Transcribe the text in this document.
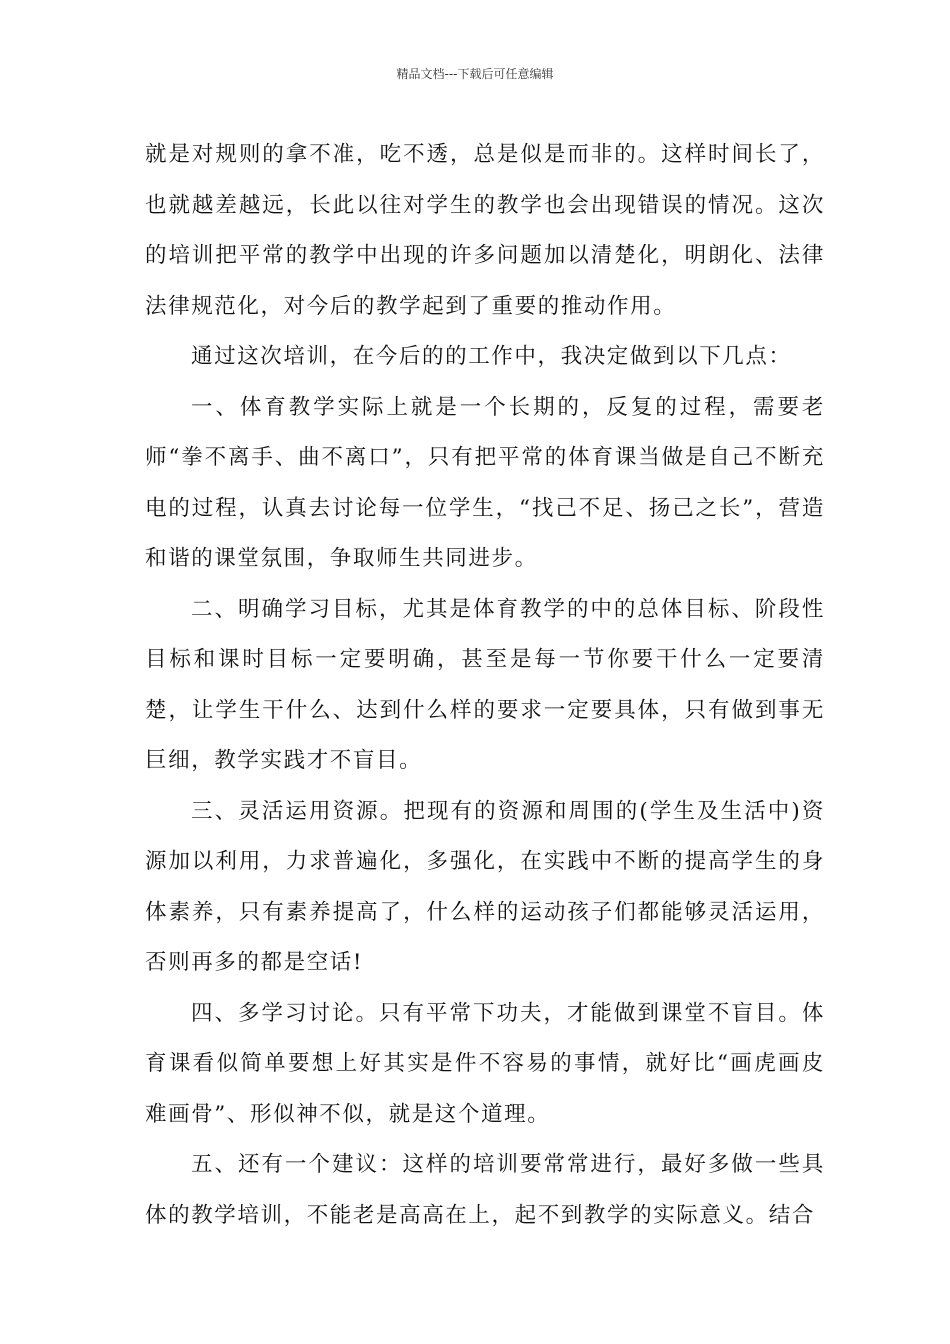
精品文档---下载后可任意编辑

就是对规则的拿不准，吃不透，总是似是而非的。这样时间长了，也就越差越远，长此以往对学生的教学也会出现错误的情况。这次的培训把平常的教学中出现的许多问题加以清楚化，明朗化、法律法律规范化，对今后的教学起到了重要的推动作用。

通过这次培训，在今后的的工作中，我决定做到以下几点：

一、体育教学实际上就是一个长期的，反复的过程，需要老师“拳不离手、曲不离口”，只有把平常的体育课当做是自己不断充电的过程，认真去讨论每一位学生，“找己不足、扬己之长”，营造和谐的课堂氛围，争取师生共同进步。

二、明确学习目标，尤其是体育教学的中的总体目标、阶段性目标和课时目标一定要明确，甚至是每一节你要干什么一定要清楚，让学生干什么、达到什么样的要求一定要具体，只有做到事无巨细，教学实践才不盲目。

三、灵活运用资源。把现有的资源和周围的(学生及生活中)资源加以利用，力求普遍化，多强化，在实践中不断的提高学生的身体素养，只有素养提高了，什么样的运动孩子们都能够灵活运用，否则再多的都是空话!

四、多学习讨论。只有平常下功夫，才能做到课堂不盲目。体育课看似简单要想上好其实是件不容易的事情，就好比“画虎画皮难画骨”、形似神不似，就是这个道理。

五、还有一个建议：这样的培训要常常进行，最好多做一些具体的教学培训，不能老是高高在上，起不到教学的实际意义。结合
